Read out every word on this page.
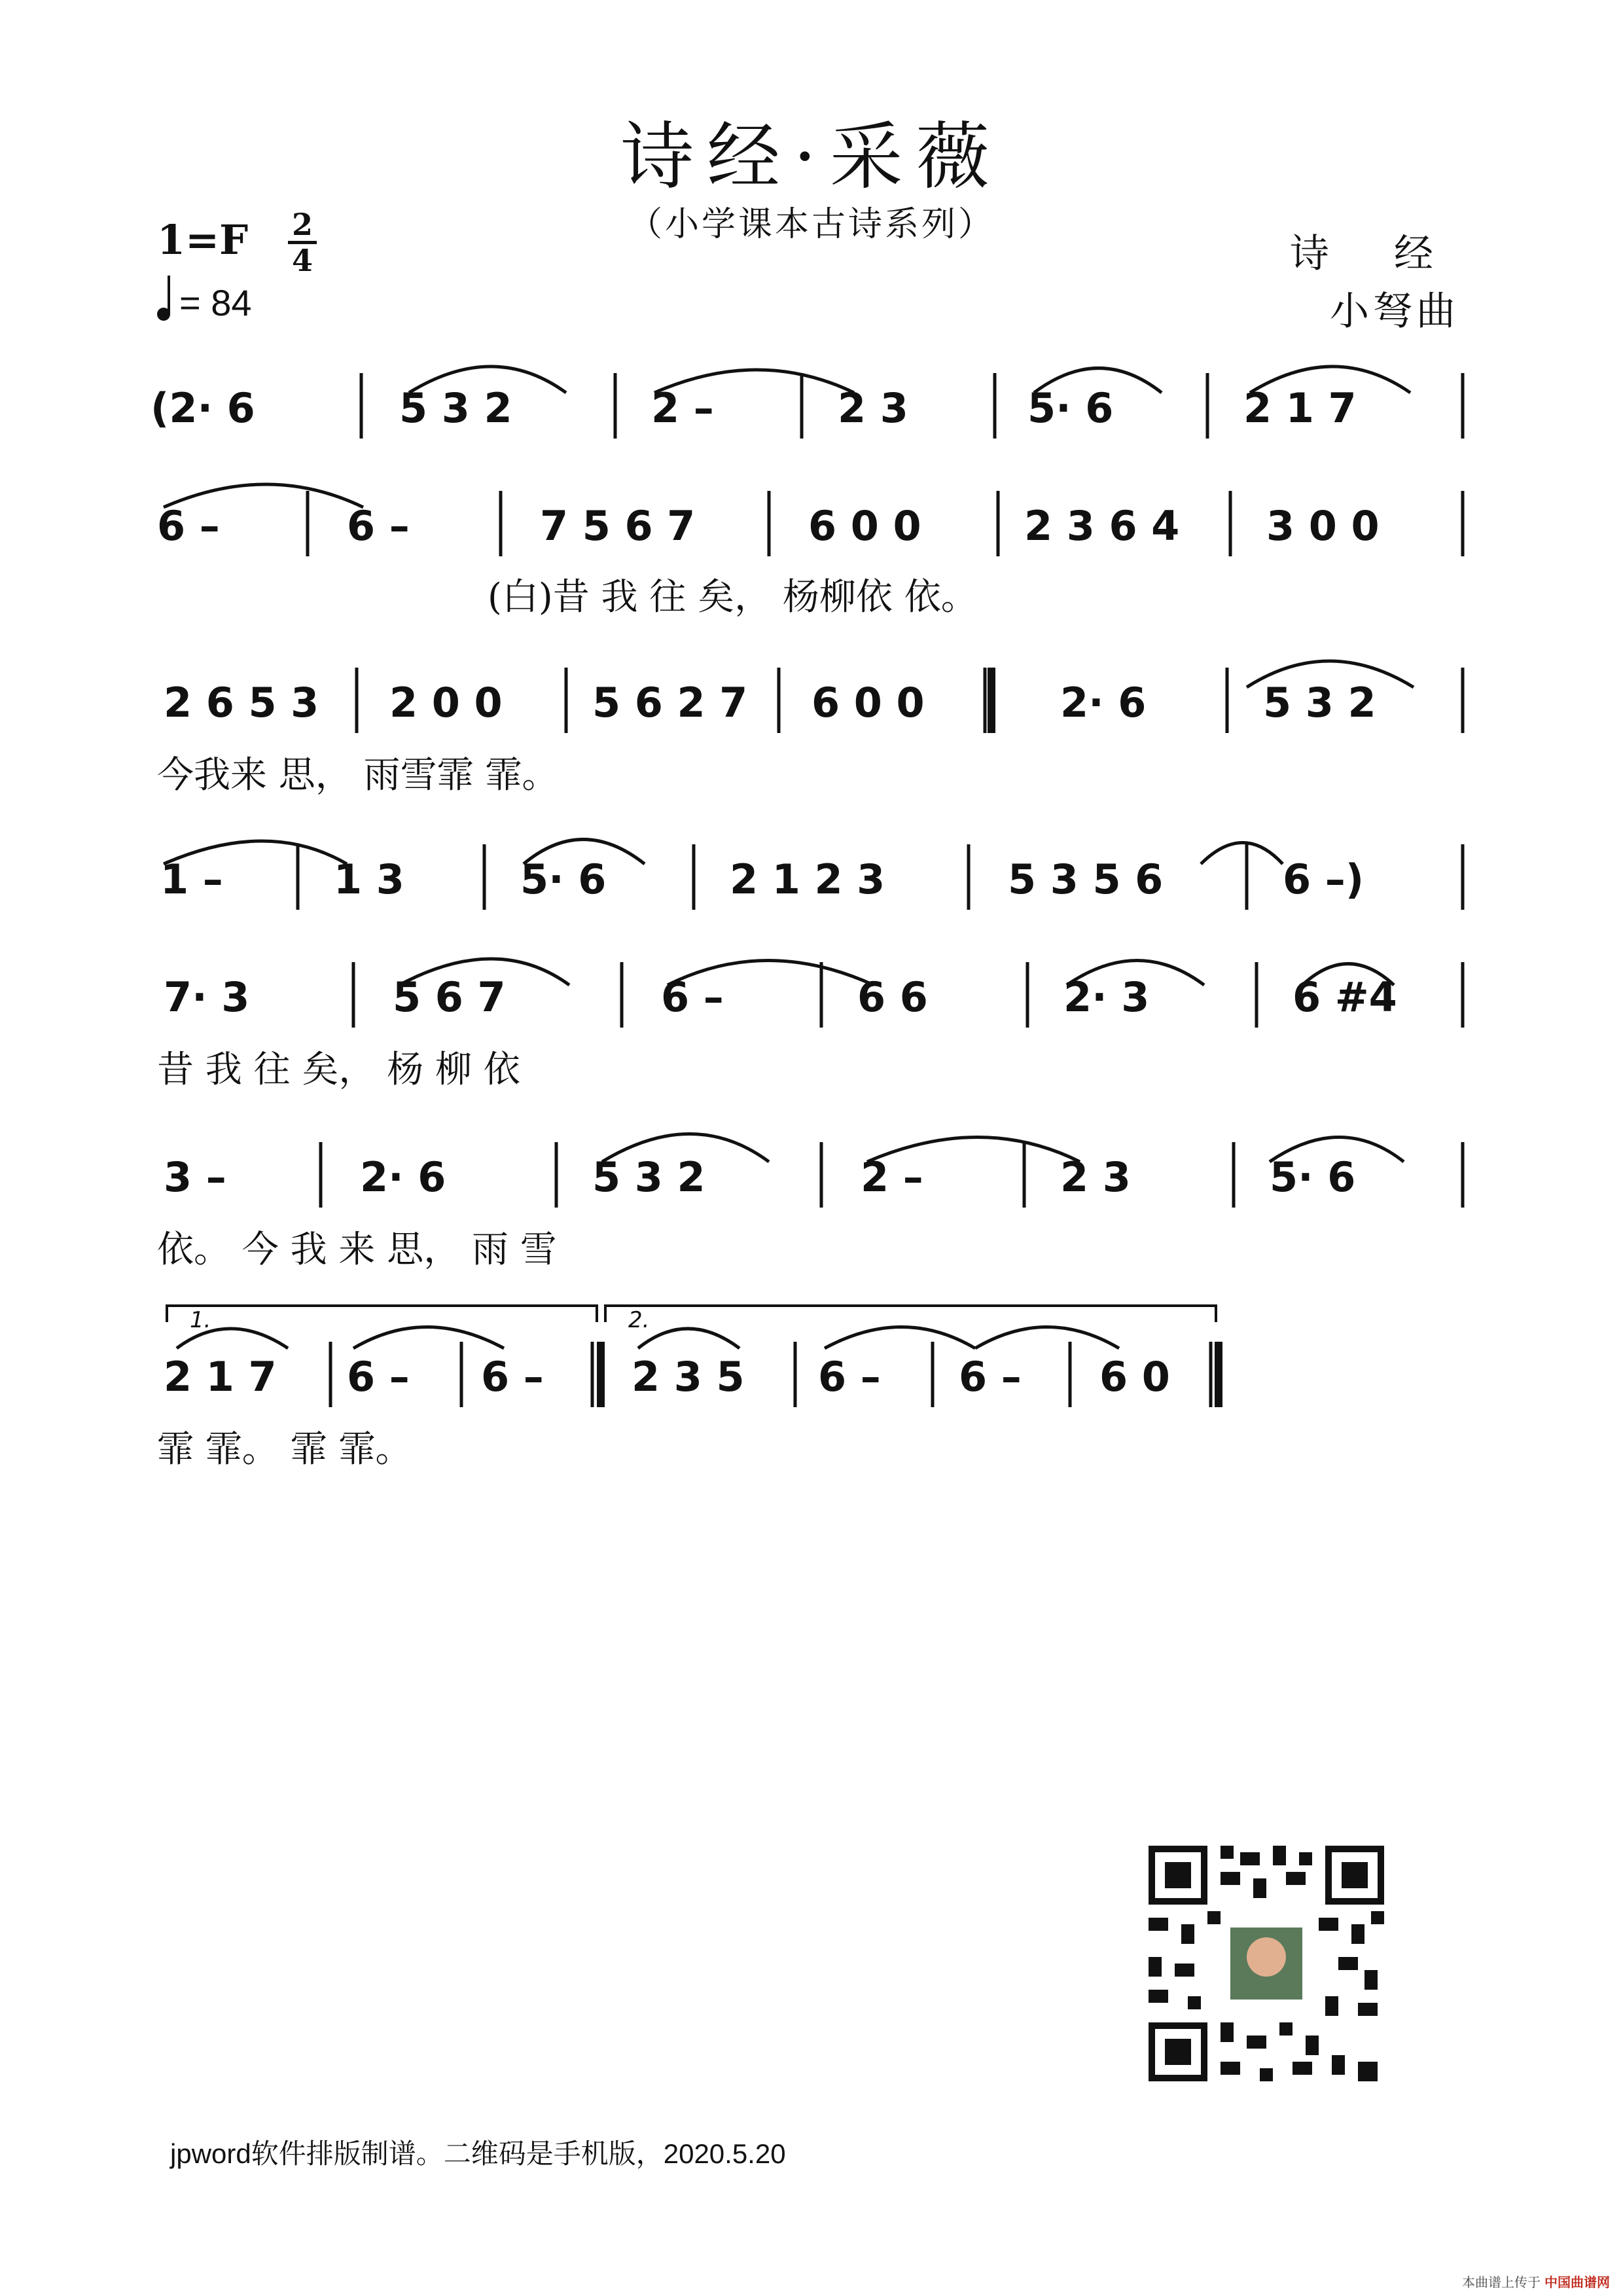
诗经·采薇
（小学课本古诗系列）
1=F 2
4
= 84
诗 经
小弩曲
(2· 6	5 3 2	2 –	2 3	5· 6	2 1 7
6 –	6 –	7 5 6 7	6 0 0	2 3 6 4 3 0 0
2 6 5 3 2 0 0 5 6 2 7 6 0 0	2· 6	5 3 2
1 –	1 3	5· 6	2 1 2 3	5 3 5 6	6 –)
7· 3	5 6 7	6 –	6 6	2· 3	6 #4
3 –	2· 6	5 3 2	2 –	2 3	5· 6
1.
2 1 7 6 – 6 –
2.
2 3 5 6 – 6 – 6 0
(白)昔 我 往 矣， 杨柳依 依。
今我来 思， 雨雪霏 霏。
昔 我 往 矣， 杨 柳 依
依。 今 我 来 思， 雨 雪
霏 霏。 霏 霏。
jpword软件排版制谱。二维码是手机版，2020.5.20
本曲谱上传于 中国曲谱网
